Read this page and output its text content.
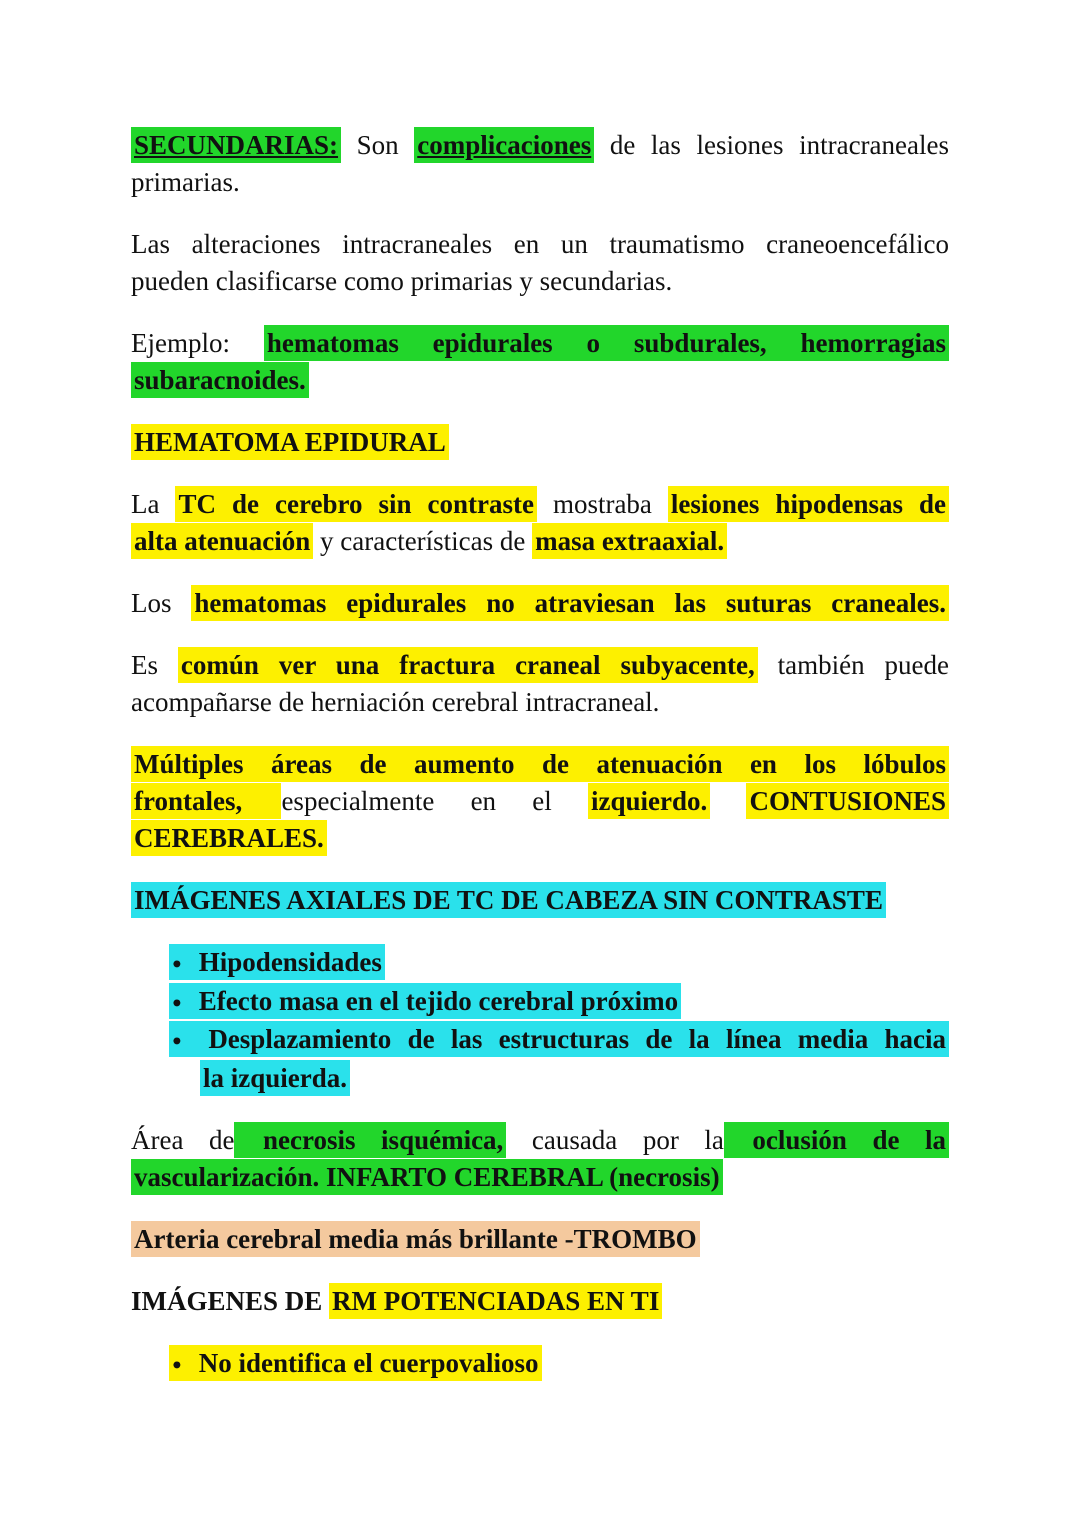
SECUNDARIAS: Son complicaciones de las lesiones intracraneales
primarias.
Las alteraciones intracraneales en un traumatismo craneoencefálico
pueden clasificarse como primarias y secundarias.
Ejemplo: hematomas epidurales o subdurales, hemorragias
subaracnoides.
HEMATOMA EPIDURAL
La TC de cerebro sin contraste mostraba lesiones hipodensas de
alta atenuación y características de masa extraaxial.
Los hematomas epidurales no atraviesan las suturas craneales.
Es común ver una fractura craneal subyacente, también puede
acompañarse de herniación cerebral intracraneal.
Múltiples áreas de aumento de atenuación en los lóbulos
frontales, especialmente en el izquierdo. CONTUSIONES
CEREBRALES.
IMÁGENES AXIALES DE TC DE CABEZA SIN CONTRASTE
● Hipodensidades
● Efecto masa en el tejido cerebral próximo
● Desplazamiento de las estructuras de la línea media hacia
la izquierda.
Área de necrosis isquémica, causada por la oclusión de la
vascularización. INFARTO CEREBRAL (necrosis)
Arteria cerebral media más brillante -TROMBO
IMÁGENES DE RM POTENCIADAS EN TI
● No identifica el cuerpovalioso
